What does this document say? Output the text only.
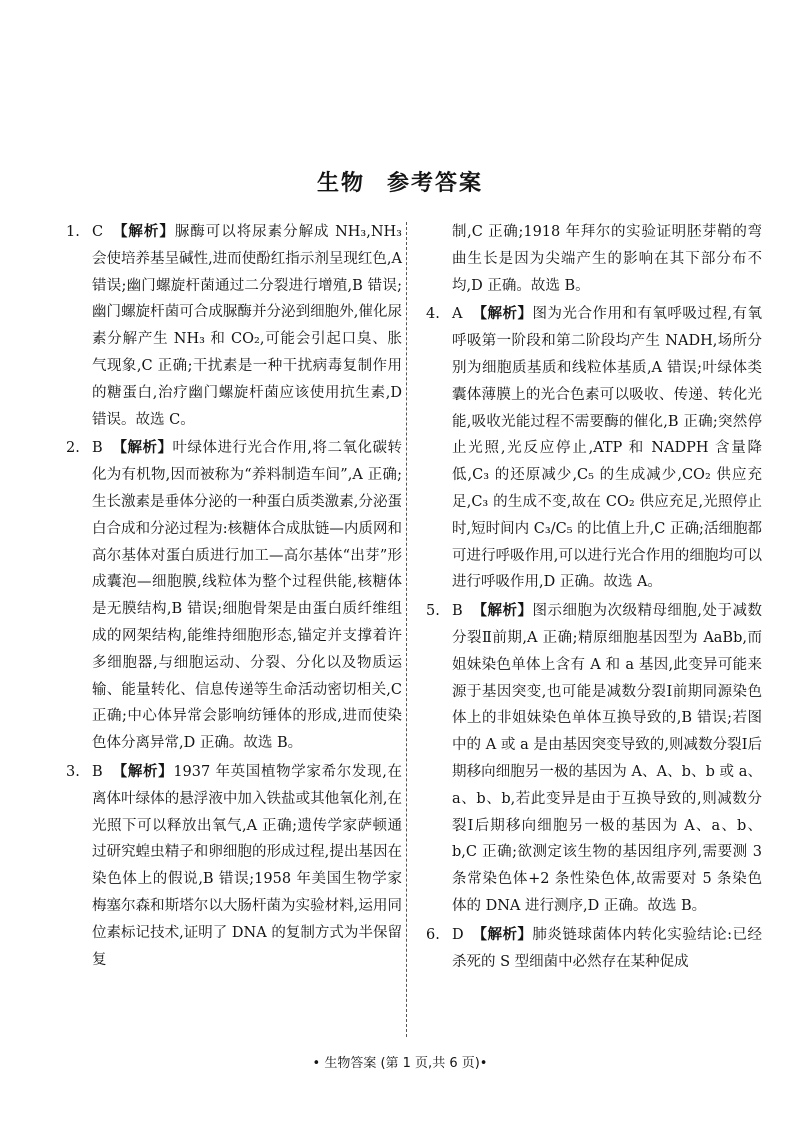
生物 参考答案

1. C 【解析】脲酶可以将尿素分解成 NH₃,NH₃ 会使培养基呈碱性,进而使酚红指示剂呈现红色,A 错误;幽门螺旋杆菌通过二分裂进行增殖,B 错误;幽门螺旋杆菌可合成脲酶并分泌到细胞外,催化尿素分解产生 NH₃ 和 CO₂,可能会引起口臭、胀气现象,C 正确;干扰素是一种干扰病毒复制作用的糖蛋白,治疗幽门螺旋杆菌应该使用抗生素,D 错误。故选 C。

2. B 【解析】叶绿体进行光合作用,将二氧化碳转化为有机物,因而被称为“养料制造车间”,A 正确;生长激素是垂体分泌的一种蛋白质类激素,分泌蛋白合成和分泌过程为:核糖体合成肽链—内质网和高尔基体对蛋白质进行加工—高尔基体“出芽”形成囊泡—细胞膜,线粒体为整个过程供能,核糖体是无膜结构,B 错误;细胞骨架是由蛋白质纤维组成的网架结构,能维持细胞形态,锚定并支撑着许多细胞器,与细胞运动、分裂、分化以及物质运输、能量转化、信息传递等生命活动密切相关,C 正确;中心体异常会影响纺锤体的形成,进而使染色体分离异常,D 正确。故选 B。

3. B 【解析】1937 年英国植物学家希尔发现,在离体叶绿体的悬浮液中加入铁盐或其他氧化剂,在光照下可以释放出氧气,A 正确;遗传学家萨顿通过研究蝗虫精子和卵细胞的形成过程,提出基因在染色体上的假说,B 错误;1958 年美国生物学家梅塞尔森和斯塔尔以大肠杆菌为实验材料,运用同位素标记技术,证明了 DNA 的复制方式为半保留复

制,C 正确;1918 年拜尔的实验证明胚芽鞘的弯曲生长是因为尖端产生的影响在其下部分布不均,D 正确。故选 B。

4. A 【解析】图为光合作用和有氧呼吸过程,有氧呼吸第一阶段和第二阶段均产生 NADH,场所分别为细胞质基质和线粒体基质,A 错误;叶绿体类囊体薄膜上的光合色素可以吸收、传递、转化光能,吸收光能过程不需要酶的催化,B 正确;突然停止光照,光反应停止,ATP 和 NADPH 含量降低,C₃ 的还原减少,C₅ 的生成减少,CO₂ 供应充足,C₃ 的生成不变,故在 CO₂ 供应充足,光照停止时,短时间内 C₃/C₅ 的比值上升,C 正确;活细胞都可进行呼吸作用,可以进行光合作用的细胞均可以进行呼吸作用,D 正确。故选 A。

5. B 【解析】图示细胞为次级精母细胞,处于减数分裂Ⅱ前期,A 正确;精原细胞基因型为 AaBb,而姐妹染色单体上含有 A 和 a 基因,此变异可能来源于基因突变,也可能是减数分裂Ⅰ前期同源染色体上的非姐妹染色单体互换导致的,B 错误;若图中的 A 或 a 是由基因突变导致的,则减数分裂Ⅰ后期移向细胞另一极的基因为 A、A、b、b 或 a、a、b、b,若此变异是由于互换导致的,则减数分裂Ⅰ后期移向细胞另一极的基因为 A、a、b、b,C 正确;欲测定该生物的基因组序列,需要测 3 条常染色体+2 条性染色体,故需要对 5 条染色体的 DNA 进行测序,D 正确。故选 B。

6. D 【解析】肺炎链球菌体内转化实验结论:已经杀死的 S 型细菌中必然存在某种促成

• 生物答案 (第 1 页,共 6 页)•
